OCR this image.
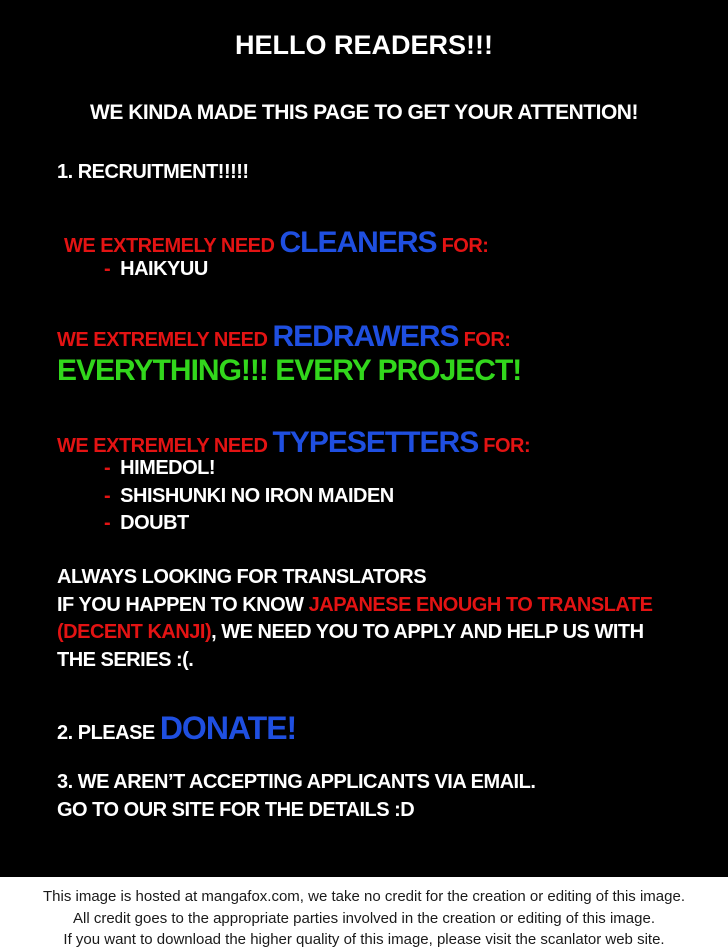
HELLO READERS!!!
WE KINDA MADE THIS PAGE TO GET YOUR ATTENTION!
1. RECRUITMENT!!!!!
WE EXTREMELY NEED CLEANERS FOR:
- HAIKYUU
WE EXTREMELY NEED REDRAWERS FOR:
EVERYTHING!!! EVERY PROJECT!
WE EXTREMELY NEED TYPESETTERS FOR:
- HIMEDOL!
- SHISHUNKI NO IRON MAIDEN
- DOUBT
ALWAYS LOOKING FOR TRANSLATORS
IF YOU HAPPEN TO KNOW JAPANESE ENOUGH TO TRANSLATE
(DECENT KANJI), WE NEED YOU TO APPLY AND HELP US WITH
THE SERIES :(.
2. PLEASE DONATE!
3. WE AREN’T ACCEPTING APPLICANTS VIA EMAIL.
GO TO OUR SITE FOR THE DETAILS :D
This image is hosted at mangafox.com, we take no credit for the creation or editing of this image.
All credit goes to the appropriate parties involved in the creation or editing of this image.
If you want to download the higher quality of this image, please visit the scanlator web site.
